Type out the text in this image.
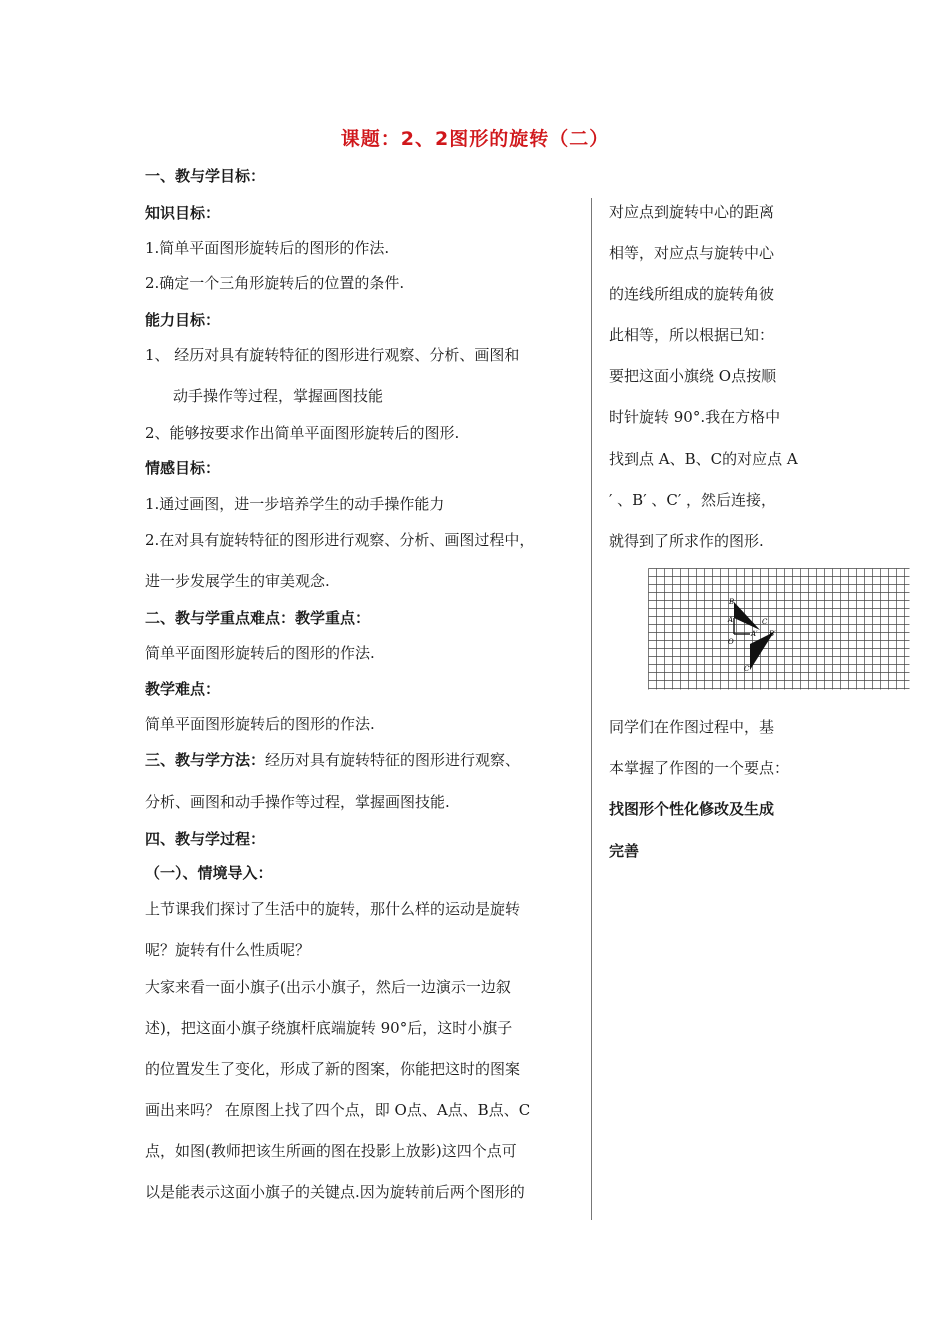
课题：2、2图形的旋转（二）
一、教与学目标：
知识目标：
1.简单平面图形旋转后的图形的作法.
2.确定一个三角形旋转后的位置的条件.
能力目标：
1、 经历对具有旋转特征的图形进行观察、分析、画图和
动手操作等过程，掌握画图技能
2、能够按要求作出简单平面图形旋转后的图形.
情感目标：
1.通过画图，进一步培养学生的动手操作能力
2.在对具有旋转特征的图形进行观察、分析、画图过程中，
进一步发展学生的审美观念.
二、教与学重点难点：教学重点：
简单平面图形旋转后的图形的作法.
教学难点：
简单平面图形旋转后的图形的作法.
三、教与学方法：经历对具有旋转特征的图形进行观察、
分析、画图和动手操作等过程，掌握画图技能.
四、教与学过程：
（一）、情境导入：
上节课我们探讨了生活中的旋转，那什么样的运动是旋转
呢？旋转有什么性质呢？
大家来看一面小旗子(出示小旗子，然后一边演示一边叙
述)，把这面小旗子绕旗杆底端旋转 90°后，这时小旗子
的位置发生了变化，形成了新的图案，你能把这时的图案
画出来吗？ 在原图上找了四个点，即 O点、A点、B点、C
点，如图(教师把该生所画的图在投影上放影)这四个点可
以是能表示这面小旗子的关键点.因为旋转前后两个图形的
对应点到旋转中心的距离
相等，对应点与旋转中心
的连线所组成的旋转角彼
此相等，所以根据已知：
要把这面小旗绕 O点按顺
时针旋转 90°.我在方格中
找到点 A、B、C的对应点 A
′ 、B′ 、C′ ，然后连接，
就得到了所求作的图形.
B
C
A
A′ B′
O
C′
同学们在作图过程中，基
本掌握了作图的一个要点：
找图形个性化修改及生成
完善
